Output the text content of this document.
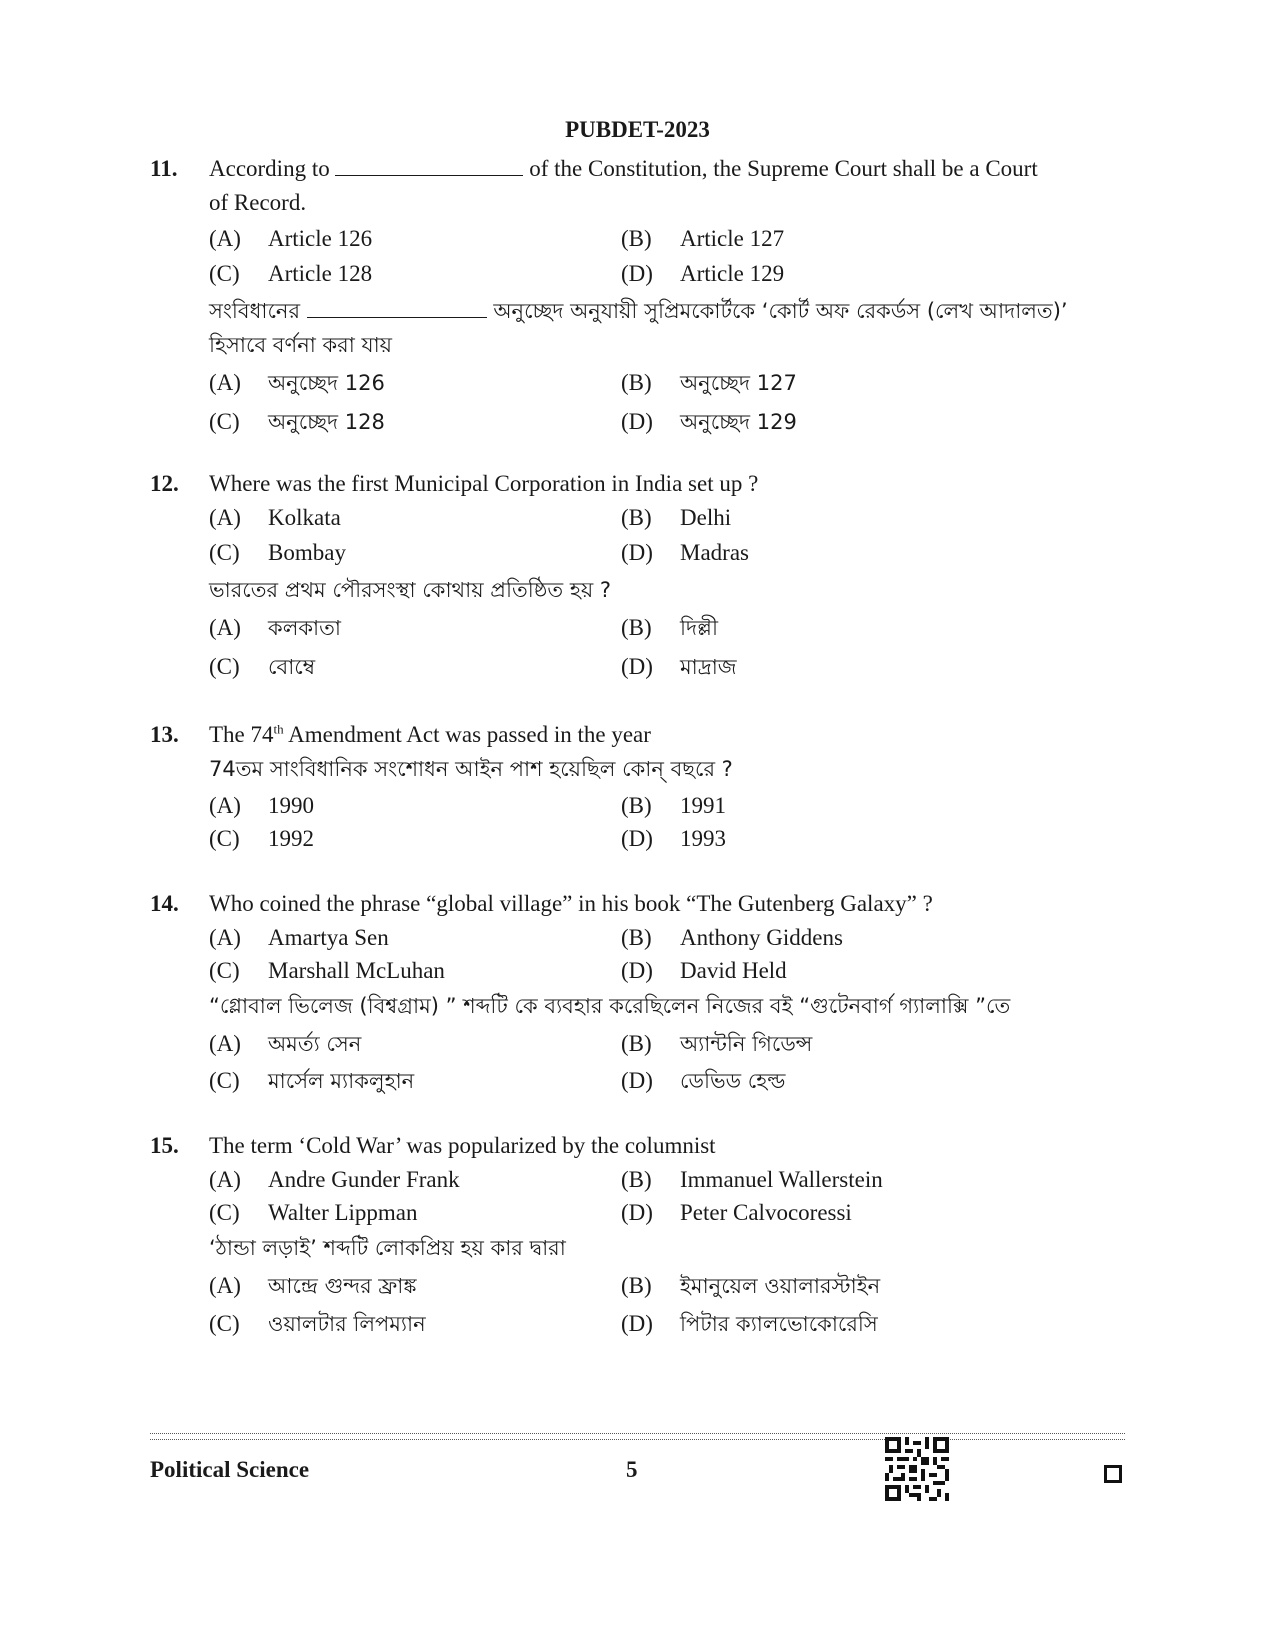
PUBDET-2023
11. According to	of the Constitution, the Supreme Court shall be a Court
of Record.
(A) Article 126	(B) Article 127
(C) Article 128	(D) Article 129
সংবিধানের	অনুচ্ছেদ অনুযায়ী সুপ্রিমকোর্টকে ‘কোর্ট অফ রেকর্ডস (লেখ আদালত)’
হিসাবে বর্ণনা করা যায়
(A) অনুচ্ছেদ 126	(B) অনুচ্ছেদ 127
(C) অনুচ্ছেদ 128	(D) অনুচ্ছেদ 129
12. Where was the first Municipal Corporation in India set up ?
(A) Kolkata	(B) Delhi
(C) Bombay	(D) Madras
ভারতের প্রথম পৌরসংস্থা কোথায় প্রতিষ্ঠিত হয় ?
(A) কলকাতা	(B) দিল্লী
(C) বোম্বে	(D) মাদ্রাজ
13. The 74th Amendment Act was passed in the year
74তম সাংবিধানিক সংশোধন আইন পাশ হয়েছিল কোন্ বছরে ?
(A) 1990	(B) 1991
(C) 1992	(D) 1993
14. Who coined the phrase “global village” in his book “The Gutenberg Galaxy” ?
(A) Amartya Sen	(B) Anthony Giddens
(C) Marshall McLuhan	(D) David Held
“গ্লোবাল ভিলেজ (বিশ্বগ্রাম) ” শব্দটি কে ব্যবহার করেছিলেন নিজের বই “গুটেনবার্গ গ্যালাক্সি ”তে
(A) অমর্ত্য সেন	(B) অ্যান্টনি গিডেন্স
(C) মার্সেল ম্যাকলুহান	(D) ডেভিড হেল্ড
15. The term ‘Cold War’ was popularized by the columnist
(A) Andre Gunder Frank	(B) Immanuel Wallerstein
(C) Walter Lippman	(D) Peter Calvocoressi
‘ঠান্ডা লড়াই’ শব্দটি লোকপ্রিয় হয় কার দ্বারা
(A) আন্দ্রে গুন্দর ফ্রাঙ্ক	(B) ইমানুয়েল ওয়ালারস্টাইন
(C) ওয়ালটার লিপম্যান	(D) পিটার ক্যালভোকোরেসি
Political Science	5
